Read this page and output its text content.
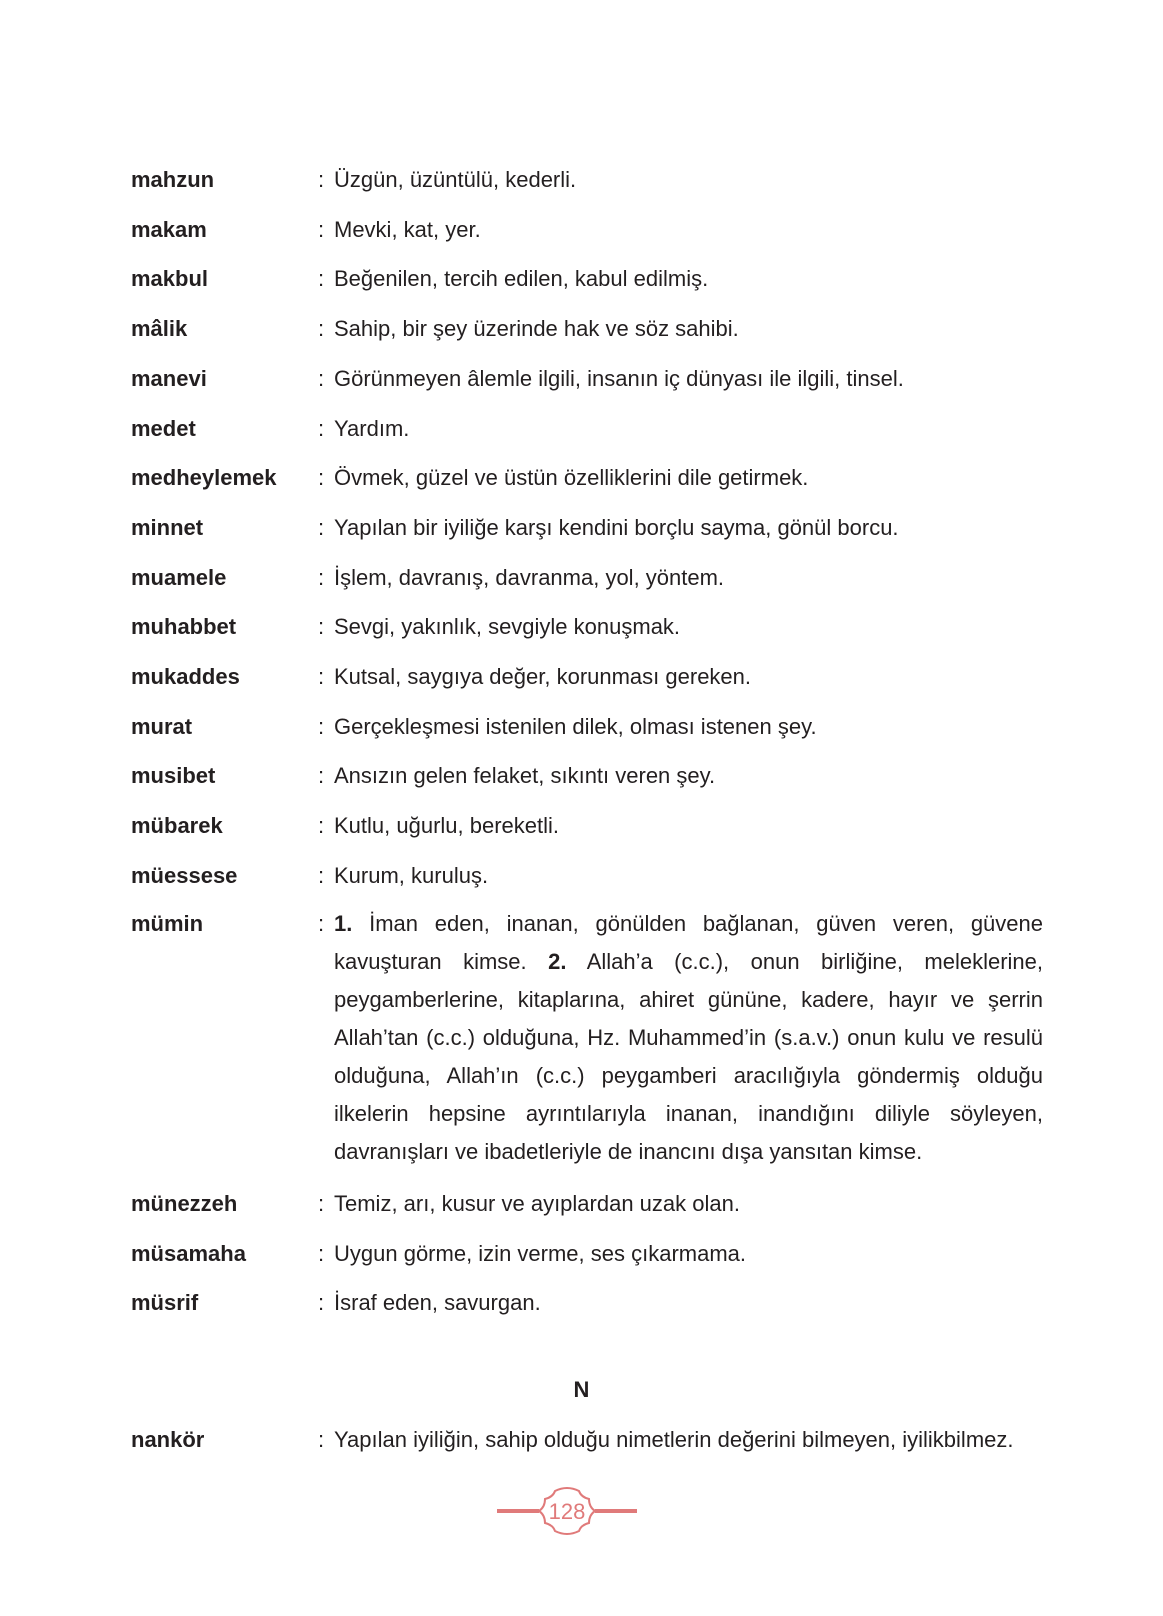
mahzun	: Üzgün, üzüntülü, kederli.
makam	: Mevki, kat, yer.
makbul	: Beğenilen, tercih edilen, kabul edilmiş.
mâlik	: Sahip, bir şey üzerinde hak ve söz sahibi.
manevi	: Görünmeyen âlemle ilgili, insanın iç dünyası ile ilgili, tinsel.
medet	: Yardım.
medheylemek : Övmek, güzel ve üstün özelliklerini dile getirmek.
minnet	: Yapılan bir iyiliğe karşı kendini borçlu sayma, gönül borcu.
muamele	: İşlem, davranış, davranma, yol, yöntem.
muhabbet	: Sevgi, yakınlık, sevgiyle konuşmak.
mukaddes	: Kutsal, saygıya değer, korunması gereken.
murat	: Gerçekleşmesi istenilen dilek, olması istenen şey.
musibet	: Ansızın gelen felaket, sıkıntı veren şey.
mübarek	: Kutlu, uğurlu, bereketli.
müessese	: Kurum, kuruluş.
münezzeh	: Temiz, arı, kusur ve ayıplardan uzak olan.
müsamaha	: Uygun görme, izin verme, ses çıkarmama.
müsrif	: İsraf eden, savurgan.
mümin	: 1. İman eden, inanan, gönülden bağlanan, güven veren, güvene kavuşturan kimse. 2. Allah’a (c.c.), onun birliğine, meleklerine, peygamberlerine, kitaplarına, ahiret gününe, kadere, hayır ve şerrin Allah’tan (c.c.) olduğuna, Hz. Muhammed’in (s.a.v.) onun kulu ve resulü olduğuna, Allah’ın (c.c.) peygamberi aracılığıyla göndermiş olduğu ilkelerin hepsine ayrıntılarıyla inanan, inandığını diliyle söyleyen, davranışları ve ibadetleriyle de inancını dışa yansıtan kimse.
N
nankör	: Yapılan iyiliğin, sahip olduğu nimetlerin değerini bilmeyen, iyilikbilmez.
128
